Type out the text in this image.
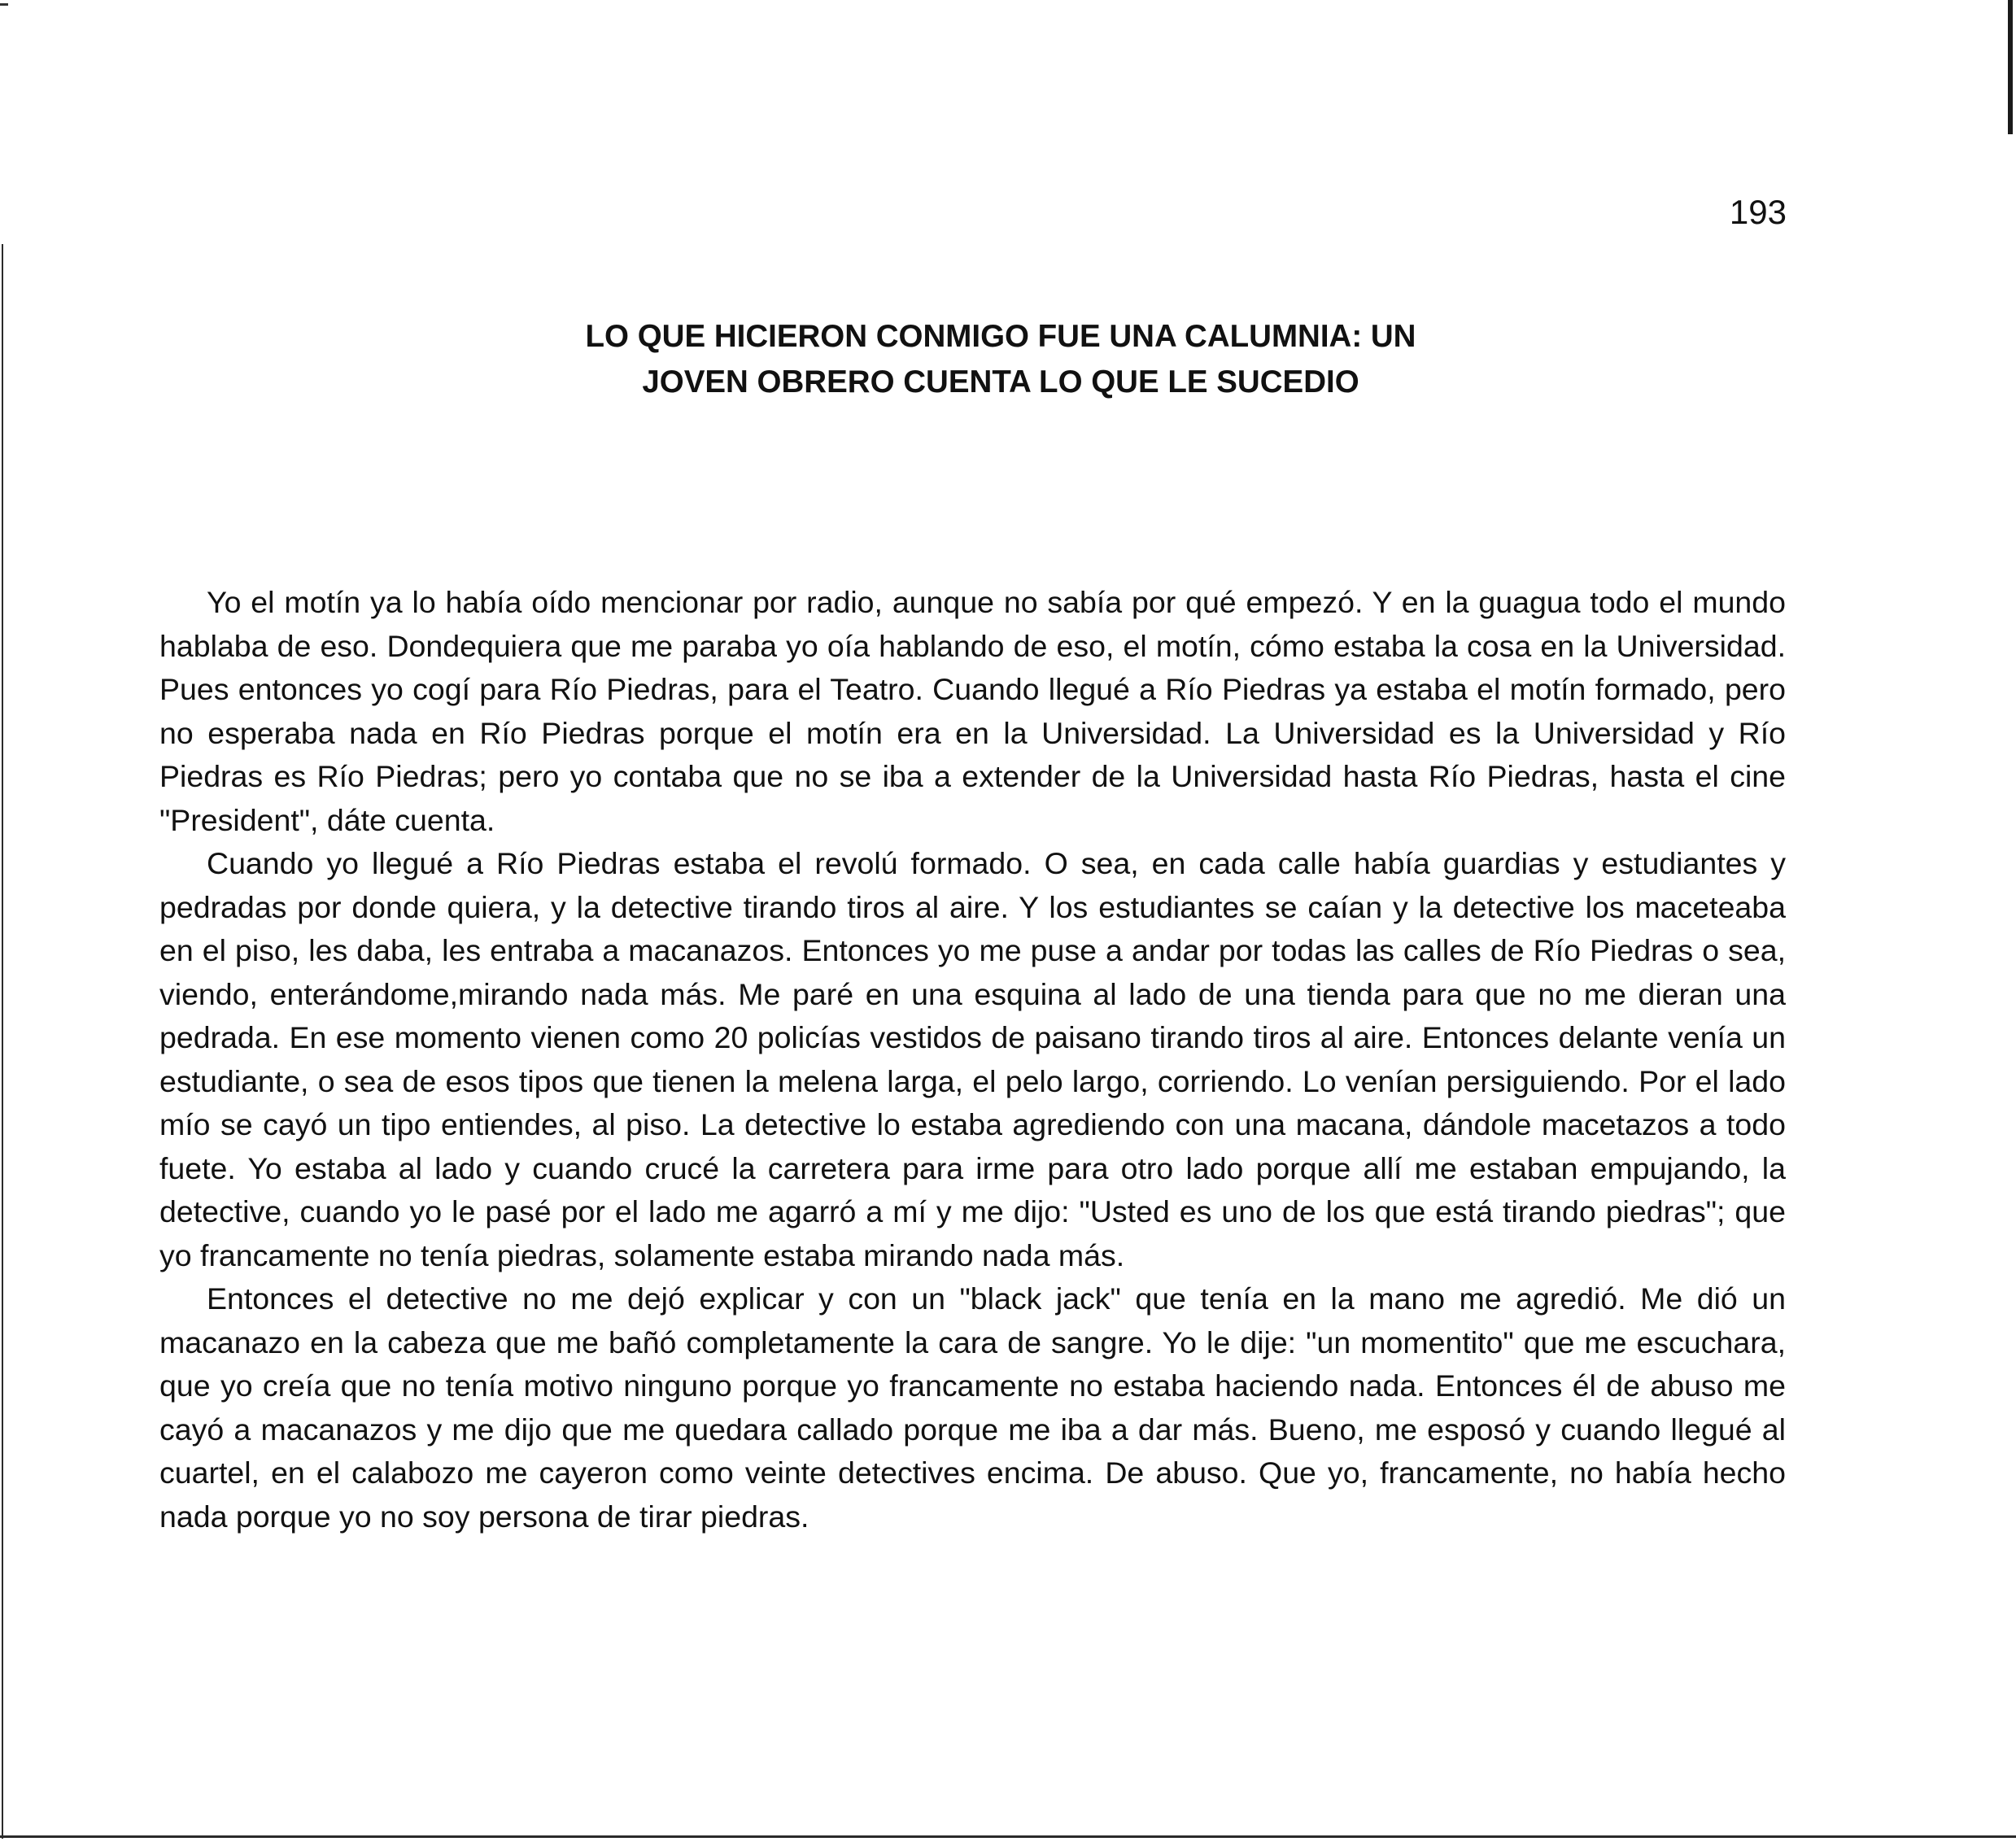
193
LO QUE HICIERON CONMIGO FUE UNA CALUMNIA: UN
JOVEN OBRERO CUENTA LO QUE LE SUCEDIO

Yo el motín ya lo había oído mencionar por radio, aunque no sabía por qué empezó. Y en la guagua todo el mundo hablaba de eso. Dondequiera que me paraba yo oía hablando de eso, el motín, cómo estaba la cosa en la Universidad. Pues entonces yo cogí para Río Piedras, para el Teatro. Cuando llegué a Río Piedras ya estaba el motín formado, pero no esperaba nada en Río Piedras porque el motín era en la Universidad. La Universidad es la Universidad y Río Piedras es Río Piedras; pero yo contaba que no se iba a extender de la Universidad hasta Río Piedras, hasta el cine "President", dáte cuenta.

Cuando yo llegué a Río Piedras estaba el revolú formado. O sea, en cada calle había guardias y estudiantes y pedradas por donde quiera, y la detective tirando tiros al aire. Y los estudiantes se caían y la detective los maceteaba en el piso, les daba, les entraba a macanazos. Entonces yo me puse a andar por todas las calles de Río Piedras o sea, viendo, enterándome,mirando nada más. Me paré en una esquina al lado de una tienda para que no me dieran una pedrada. En ese momento vienen como 20 policías vestidos de paisano tirando tiros al aire. Entonces delante venía un estudiante, o sea de esos tipos que tienen la melena larga, el pelo largo, corriendo. Lo venían persiguiendo. Por el lado mío se cayó un tipo entiendes, al piso. La detective lo estaba agrediendo con una macana, dándole macetazos a todo fuete. Yo estaba al lado y cuando crucé la carretera para irme para otro lado porque allí me estaban empujando, la detective, cuando yo le pasé por el lado me agarró a mí y me dijo: "Usted es uno de los que está tirando piedras"; que yo francamente no tenía piedras, solamente estaba mirando nada más.

Entonces el detective no me dejó explicar y con un "black jack" que tenía en la mano me agredió. Me dió un macanazo en la cabeza que me bañó completamente la cara de sangre. Yo le dije: "un momentito" que me escuchara, que yo creía que no tenía motivo ninguno porque yo francamente no estaba haciendo nada. Entonces él de abuso me cayó a macanazos y me dijo que me quedara callado porque me iba a dar más. Bueno, me esposó y cuando llegué al cuartel, en el calabozo me cayeron como veinte detectives encima. De abuso. Que yo, francamente, no había hecho nada porque yo no soy persona de tirar piedras.
